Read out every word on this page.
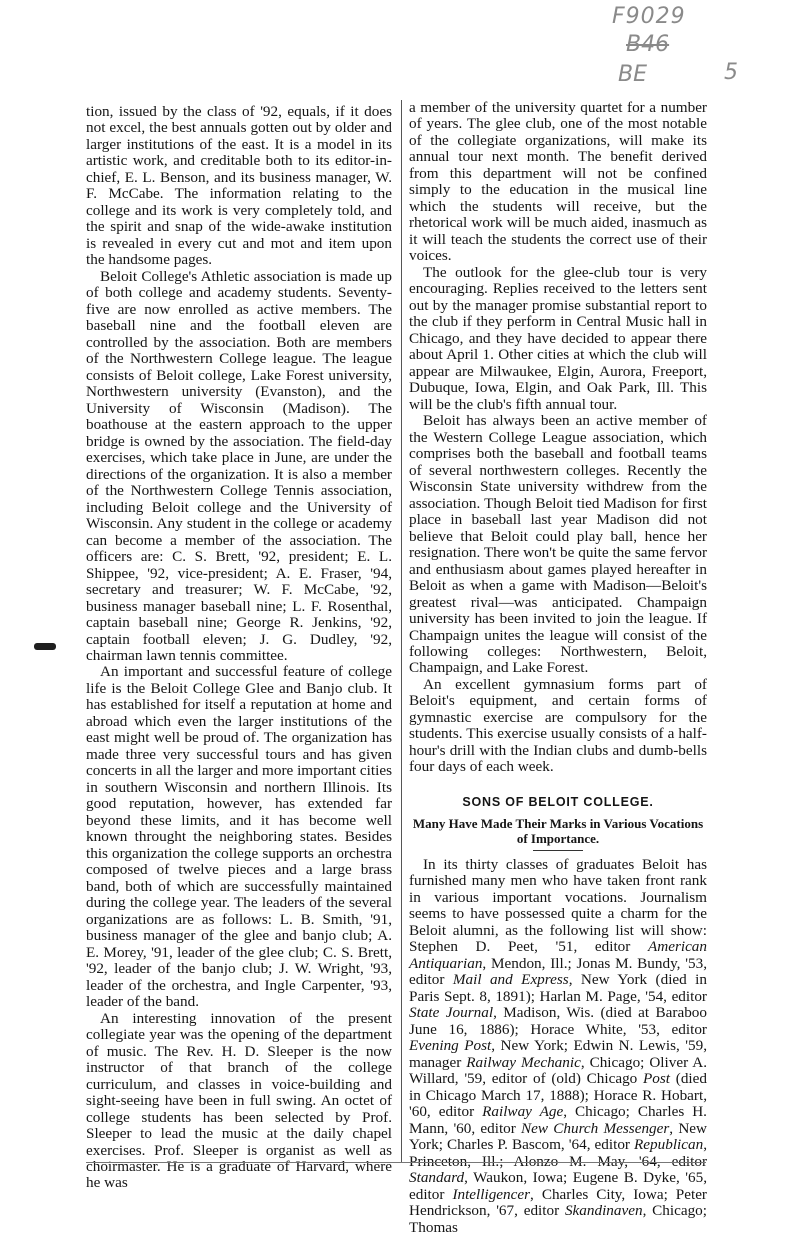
F9029
B46
BE	5

tion, issued by the class of '92, equals, if it does not excel, the best annuals gotten out by older and larger institutions of the east. It is a model in its artistic work, and creditable both to its editor-in-chief, E. L. Benson, and its business manager, W. F. McCabe. The information relating to the college and its work is very completely told, and the spirit and snap of the wide-awake institution is revealed in every cut and mot and item upon the handsome pages.

Beloit College's Athletic association is made up of both college and academy students. Seventy-five are now enrolled as active members. The baseball nine and the football eleven are controlled by the association. Both are members of the Northwestern College league. The league consists of Beloit college, Lake Forest university, Northwestern university (Evanston), and the University of Wisconsin (Madison). The boathouse at the eastern approach to the upper bridge is owned by the association. The field-day exercises, which take place in June, are under the directions of the organization. It is also a member of the Northwestern College Tennis association, including Beloit college and the University of Wisconsin. Any student in the college or academy can become a member of the association. The officers are: C. S. Brett, '92, president; E. L. Shippee, '92, vice-president; A. E. Fraser, '94, secretary and treasurer; W. F. McCabe, '92, business manager baseball nine; L. F. Rosenthal, captain baseball nine; George R. Jenkins, '92, captain football eleven; J. G. Dudley, '92, chairman lawn tennis committee.

An important and successful feature of college life is the Beloit College Glee and Banjo club. It has established for itself a reputation at home and abroad which even the larger institutions of the east might well be proud of. The organization has made three very successful tours and has given concerts in all the larger and more important cities in southern Wisconsin and northern Illinois. Its good reputation, however, has extended far beyond these limits, and it has become well known throught the neighboring states. Besides this organization the college supports an orchestra composed of twelve pieces and a large brass band, both of which are successfully maintained during the college year. The leaders of the several organizations are as follows: L. B. Smith, '91, business manager of the glee and banjo club; A. E. Morey, '91, leader of the glee club; C. S. Brett, '92, leader of the banjo club; J. W. Wright, '93, leader of the orchestra, and Ingle Carpenter, '93, leader of the band.

An interesting innovation of the present collegiate year was the opening of the department of music. The Rev. H. D. Sleeper is the now instructor of that branch of the college curriculum, and classes in voice-building and sight-seeing have been in full swing. An octet of college students has been selected by Prof. Sleeper to lead the music at the daily chapel exercises. Prof. Sleeper is organist as well as choirmaster. He is a graduate of Harvard, where he was

a member of the university quartet for a number of years. The glee club, one of the most notable of the collegiate organizations, will make its annual tour next month. The benefit derived from this department will not be confined simply to the education in the musical line which the students will receive, but the rhetorical work will be much aided, inasmuch as it will teach the students the correct use of their voices.

The outlook for the glee-club tour is very encouraging. Replies received to the letters sent out by the manager promise substantial report to the club if they perform in Central Music hall in Chicago, and they have decided to appear there about April 1. Other cities at which the club will appear are Milwaukee, Elgin, Aurora, Freeport, Dubuque, Iowa, Elgin, and Oak Park, Ill. This will be the club's fifth annual tour.

Beloit has always been an active member of the Western College League association, which comprises both the baseball and football teams of several northwestern colleges. Recently the Wisconsin State university withdrew from the association. Though Beloit tied Madison for first place in baseball last year Madison did not believe that Beloit could play ball, hence her resignation. There won't be quite the same fervor and enthusiasm about games played hereafter in Beloit as when a game with Madison—Beloit's greatest rival—was anticipated. Champaign university has been invited to join the league. If Champaign unites the league will consist of the following colleges: Northwestern, Beloit, Champaign, and Lake Forest.

An excellent gymnasium forms part of Beloit's equipment, and certain forms of gymnastic exercise are compulsory for the students. This exercise usually consists of a half-hour's drill with the Indian clubs and dumb-bells four days of each week.

SONS OF BELOIT COLLEGE.
Many Have Made Their Marks in Various Vocations of Importance.

In its thirty classes of graduates Beloit has furnished many men who have taken front rank in various important vocations. Journalism seems to have possessed quite a charm for the Beloit alumni, as the following list will show: Stephen D. Peet, '51, editor American Antiquarian, Mendon, Ill.; Jonas M. Bundy, '53, editor Mail and Express, New York (died in Paris Sept. 8, 1891); Harlan M. Page, '54, editor State Journal, Madison, Wis. (died at Baraboo June 16, 1886); Horace White, '53, editor Evening Post, New York; Edwin N. Lewis, '59, manager Railway Mechanic, Chicago; Oliver A. Willard, '59, editor of (old) Chicago Post (died in Chicago March 17, 1888); Horace R. Hobart, '60, editor Railway Age, Chicago; Charles H. Mann, '60, editor New Church Messenger, New York; Charles P. Bascom, '64, editor Republican, Princeton, Ill.; Alonzo M. May, '64, editor Standard, Waukon, Iowa; Eugene B. Dyke, '65, editor Intelligencer, Charles City, Iowa; Peter Hendrickson, '67, editor Skandinaven, Chicago; Thomas
